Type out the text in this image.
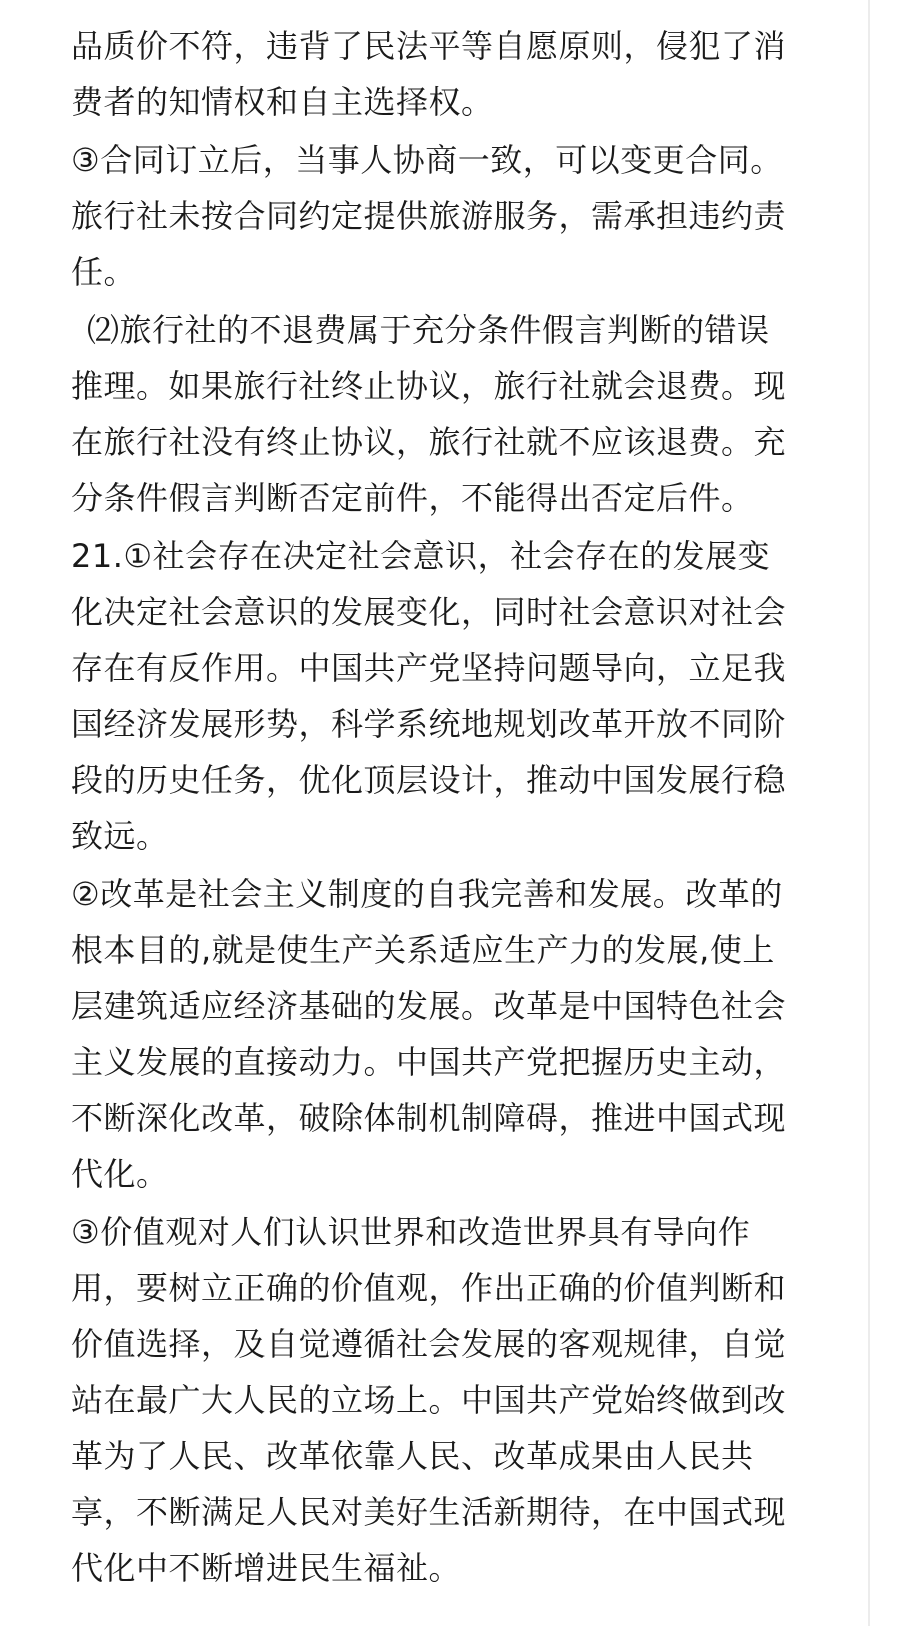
品质价不符，违背了民法平等自愿原则，侵犯了消费者的知情权和自主选择权。

③合同订立后，当事人协商一致，可以变更合同。旅行社未按合同约定提供旅游服务，需承担违约责任。

⑵旅行社的不退费属于充分条件假言判断的错误推理。如果旅行社终止协议，旅行社就会退费。现在旅行社没有终止协议，旅行社就不应该退费。充分条件假言判断否定前件，不能得出否定后件。

21.①社会存在决定社会意识，社会存在的发展变化决定社会意识的发展变化，同时社会意识对社会存在有反作用。中国共产党坚持问题导向，立足我国经济发展形势，科学系统地规划改革开放不同阶段的历史任务，优化顶层设计，推动中国发展行稳致远。

②改革是社会主义制度的自我完善和发展。改革的根本目的,就是使生产关系适应生产力的发展,使上层建筑适应经济基础的发展。改革是中国特色社会主义发展的直接动力。中国共产党把握历史主动，不断深化改革，破除体制机制障碍，推进中国式现代化。

③价值观对人们认识世界和改造世界具有导向作用，要树立正确的价值观，作出正确的价值判断和价值选择，及自觉遵循社会发展的客观规律，自觉站在最广大人民的立场上。中国共产党始终做到改革为了人民、改革依靠人民、改革成果由人民共享，不断满足人民对美好生活新期待，在中国式现代化中不断增进民生福祉。
